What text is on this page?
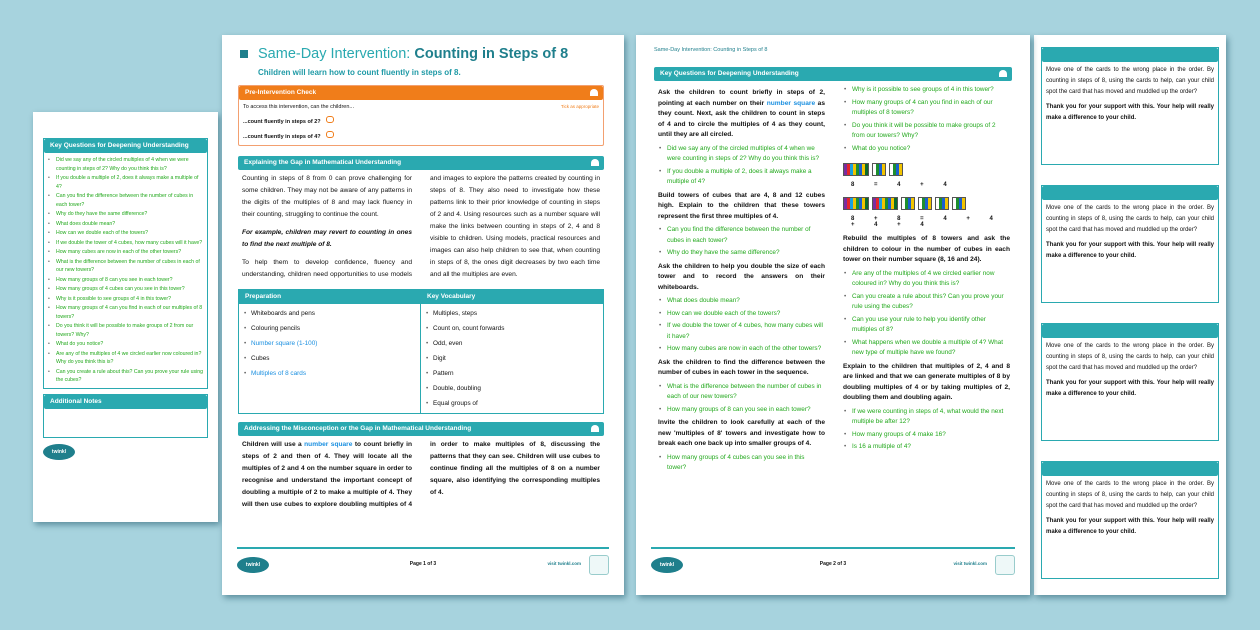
Move one of the cards to the wrong place in the order. By counting in steps of 8, using the cards to help, can your child spot the card that has moved and muddled up the order?

Thank you for your support with this. Your help will really make a difference to your child.

Move one of the cards to the wrong place in the order. By counting in steps of 8, using the cards to help, can your child spot the card that has moved and muddled up the order?

Thank you for your support with this. Your help will really make a difference to your child.

Move one of the cards to the wrong place in the order. By counting in steps of 8, using the cards to help, can your child spot the card that has moved and muddled up the order?

Thank you for your support with this. Your help will really make a difference to your child.

Move one of the cards to the wrong place in the order. By counting in steps of 8, using the cards to help, can your child spot the card that has moved and muddled up the order?

Thank you for your support with this. Your help will really make a difference to your child.

Key Questions for Deepening Understanding
• Did we say any of the circled multiples of 4 when we were counting in steps of 2? Why do you think this is?
• If you double a multiple of 2, does it always make a multiple of 4?
• Can you find the difference between the number of cubes in each tower?
• Why do they have the same difference?
• What does double mean?
• How can we double each of the towers?
• If we double the tower of 4 cubes, how many cubes will it have?
• How many cubes are now in each of the other towers?
• What is the difference between the number of cubes in each of our new towers?
• How many groups of 8 can you see in each tower?
• How many groups of 4 cubes can you see in this tower?
• Why is it possible to see groups of 4 in this tower?
• How many groups of 4 can you find in each of our multiples of 8 towers?
• Do you think it will be possible to make groups of 2 from our towers? Why?
• What do you notice?
• Are any of the multiples of 4 we circled earlier now coloured in? Why do you think this is?
• Can you create a rule about this? Can you prove your rule using the cubes?
Additional Notes
twinkl
Same-Day Intervention: Counting in Steps of 8
Children will learn how to count fluently in steps of 8.
Pre-Intervention Check
To access this intervention, can the children...	Tick as appropriate
...count fluently in steps of 2?
...count fluently in steps of 4?
Explaining the Gap in Mathematical Understanding

Counting in steps of 8 from 0 can prove challenging for some children. They may not be aware of any patterns in the digits of the multiples of 8 and may lack fluency in their counting, struggling to continue the count.

For example, children may revert to counting in ones to find the next multiple of 8.

To help them to develop confidence, fluency and understanding, children need opportunities to use models and images to explore the patterns created by counting in steps of 8. They also need to investigate how these patterns link to their prior knowledge of counting in steps of 2 and 4. Using resources such as a number square will make the links between counting in steps of 2, 4 and 8 visible to children. Using models, practical resources and images can also help children to see that, when counting in steps of 8, the ones digit decreases by two each time and all the multiples are even.

Preparation
• Whiteboards and pens
• Colouring pencils
• Number square (1-100)
• Cubes
• Multiples of 8 cards
Key Vocabulary
• Multiples, steps
• Count on, count forwards
• Odd, even
• Digit
• Pattern
• Double, doubling
• Equal groups of
Addressing the Misconception or the Gap in Mathematical Understanding
Children will use a number square to count briefly in steps of 2 and then of 4. They will locate all the multiples of 2 and 4 on the number square in order to recognise and understand the important concept of doubling a multiple of 2 to make a multiple of 4. They will then use cubes to explore doubling multiples of 4 in order to make multiples of 8, discussing the patterns that they can see. Children will use cubes to continue finding all the multiples of 8 on a number square, also identifying the corresponding multiples of 4.
twinkl	Page 1 of 3	visit twinkl.com
Same-Day Intervention: Counting in Steps of 8
Key Questions for Deepening Understanding

Ask the children to count briefly in steps of 2, pointing at each number on their number square as they count. Next, ask the children to count in steps of 4 and to circle the multiples of 4 as they count, until they are all circled.

• Did we say any of the circled multiples of 4 when we were counting in steps of 2? Why do you think this is?
• If you double a multiple of 2, does it always make a multiple of 4?

Build towers of cubes that are 4, 8 and 12 cubes high. Explain to the children that these towers represent the first three multiples of 4.

• Can you find the difference between the number of cubes in each tower?
• Why do they have the same difference?

Ask the children to help you double the size of each tower and to record the answers on their whiteboards.

• What does double mean?
• How can we double each of the towers?
• If we double the tower of 4 cubes, how many cubes will it have?
• How many cubes are now in each of the other towers?

Ask the children to find the difference between the number of cubes in each tower in the sequence.

• What is the difference between the number of cubes in each of our new towers?
• How many groups of 8 can you see in each tower?

Invite the children to look carefully at each of the new 'multiples of 8' towers and investigate how to break each one back up into smaller groups of 4.

• How many groups of 4 cubes can you see in this tower?
• Why is it possible to see groups of 4 in this tower?
• How many groups of 4 can you find in each of our multiples of 8 towers?
• Do you think it will be possible to make groups of 2 from our towers? Why?
• What do you notice?
8 = 4 + 4
8 + 8 = 4 + 4 + 4 + 4

Rebuild the multiples of 8 towers and ask the children to colour in the number of cubes in each tower on their number square (8, 16 and 24).

• Are any of the multiples of 4 we circled earlier now coloured in? Why do you think this is?
• Can you create a rule about this? Can you prove your rule using the cubes?
• Can you use your rule to help you identify other multiples of 8?
• What happens when we double a multiple of 4? What new type of multiple have we found?

Explain to the children that multiples of 2, 4 and 8 are linked and that we can generate multiples of 8 by doubling multiples of 4 or by taking multiples of 2, doubling them and doubling again.

• If we were counting in steps of 4, what would the next multiple be after 12?
• How many groups of 4 make 16?
• Is 16 a multiple of 4?
twinkl	Page 2 of 3	visit twinkl.com
